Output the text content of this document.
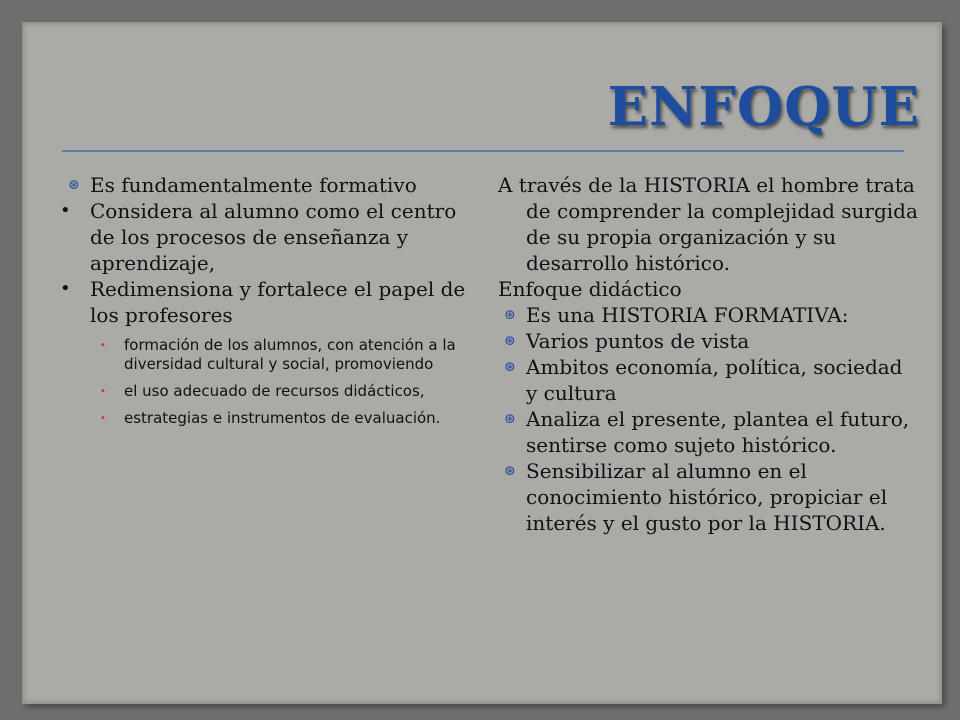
ENFOQUE
⊛ Es fundamentalmente formativo
• Considera al alumno como el centro de los procesos de enseñanza y aprendizaje,
• Redimensiona y fortalece el papel de los profesores
• formación de los alumnos, con atención a la diversidad cultural y social, promoviendo
• el uso adecuado de recursos didácticos,
• estrategias e instrumentos de evaluación.
A través de la HISTORIA el hombre trata de comprender la complejidad surgida de su propia organización y su desarrollo histórico.
Enfoque didáctico
⊛ Es una HISTORIA FORMATIVA:
⊛ Varios puntos de vista
⊛ Ambitos economía, política, sociedad y cultura
⊛ Analiza el presente, plantea el futuro, sentirse como sujeto histórico.
⊛ Sensibilizar al alumno en el conocimiento histórico, propiciar el interés y el gusto por la HISTORIA.
